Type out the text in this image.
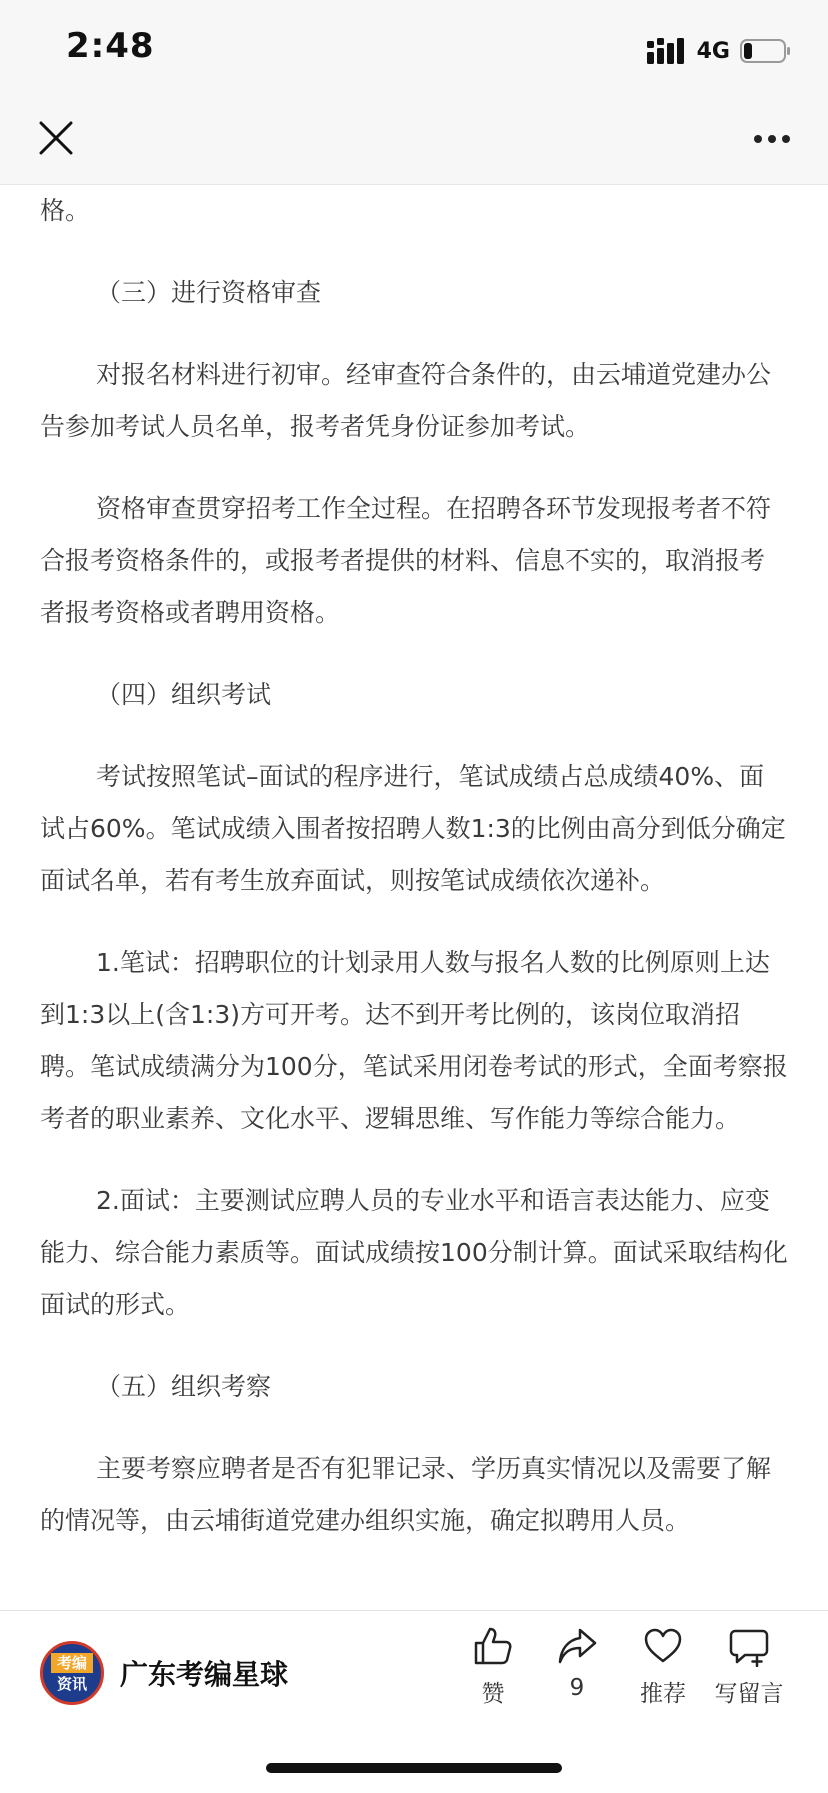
2:48	4G

格。

（三）进行资格审查

对报名材料进行初审。经审查符合条件的，由云埔道党建办公告参加考试人员名单，报考者凭身份证参加考试。

资格审查贯穿招考工作全过程。在招聘各环节发现报考者不符合报考资格条件的，或报考者提供的材料、信息不实的，取消报考者报考资格或者聘用资格。

（四）组织考试

考试按照笔试–面试的程序进行，笔试成绩占总成绩40%、面试占60%。笔试成绩入围者按招聘人数1:3的比例由高分到低分确定面试名单，若有考生放弃面试，则按笔试成绩依次递补。

1.笔试：招聘职位的计划录用人数与报名人数的比例原则上达到1:3以上(含1:3)方可开考。达不到开考比例的，该岗位取消招聘。笔试成绩满分为100分，笔试采用闭卷考试的形式，全面考察报考者的职业素养、文化水平、逻辑思维、写作能力等综合能力。

2.面试：主要测试应聘人员的专业水平和语言表达能力、应变能力、综合能力素质等。面试成绩按100分制计算。面试采取结构化面试的形式。

（五）组织考察

主要考察应聘者是否有犯罪记录、学历真实情况以及需要了解的情况等，由云埔街道党建办组织实施，确定拟聘用人员。

考编
资讯 广东考编星球
赞	9	推荐	写留言
